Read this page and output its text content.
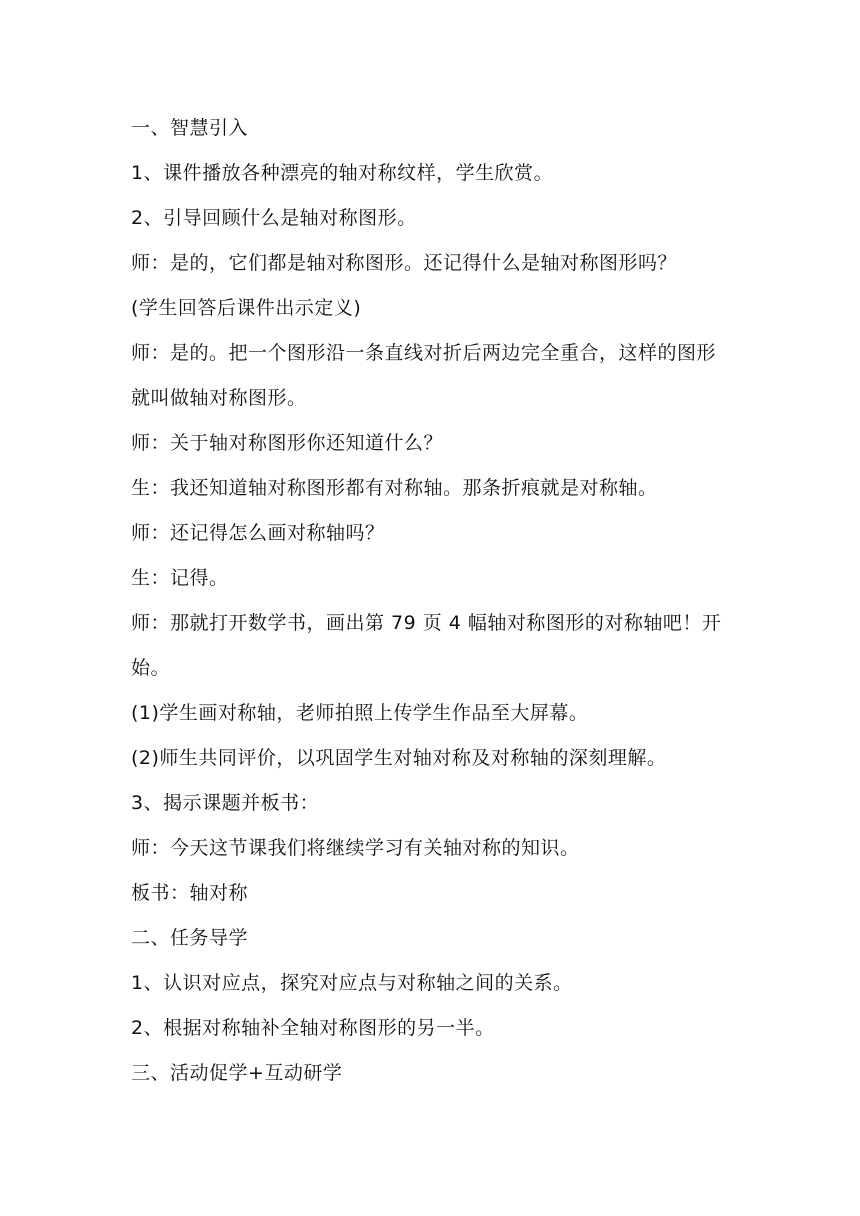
一、智慧引入
1、课件播放各种漂亮的轴对称纹样，学生欣赏。
2、引导回顾什么是轴对称图形。
师：是的，它们都是轴对称图形。还记得什么是轴对称图形吗？
(学生回答后课件出示定义)
师：是的。把一个图形沿一条直线对折后两边完全重合，这样的图形
就叫做轴对称图形。
师：关于轴对称图形你还知道什么？
生：我还知道轴对称图形都有对称轴。那条折痕就是对称轴。
师：还记得怎么画对称轴吗？
生：记得。
师：那就打开数学书，画出第 79 页 4 幅轴对称图形的对称轴吧！开
始。
(1)学生画对称轴，老师拍照上传学生作品至大屏幕。
(2)师生共同评价，以巩固学生对轴对称及对称轴的深刻理解。
3、揭示课题并板书：
师：今天这节课我们将继续学习有关轴对称的知识。
板书：轴对称
二、任务导学
1、认识对应点，探究对应点与对称轴之间的关系。
2、根据对称轴补全轴对称图形的另一半。
三、活动促学+互动研学
